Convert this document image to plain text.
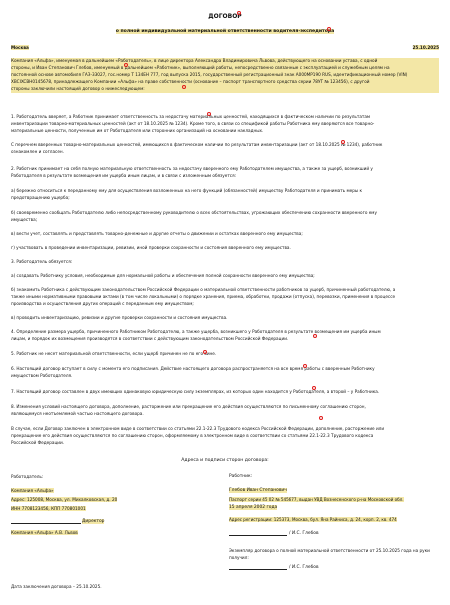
ДОГОВОР
о полной индивидуальной материальной ответственности водителя-экспедитора
Москва	25.10.2025
Компания «Альфа», именуемая в дальнейшем «Работодатель», в лице директора Александра Владимировича Львова, действующего на основании устава, с одной
стороны, и Иван Степанович Глебов, именуемый в дальнейшем «Работник», выполняющий работы, непосредственно связанные с эксплуатацией и служебным целям на
постоянной основе автомобиля ГАЗ-33027, гос.номер Т 134ЕН 777, год выпуска 2015, государственный регистрационный знак А000МР190 RUS, идентификационный номер (VIN)
XBCIXCBH0145678, принадлежащего Компании «Альфа» на праве собственности (основание – паспорт транспортного средства серии 78УТ № 123456), с другой
стороны заключили настоящий договор о нижеследующем:
1. Работодатель вверяет, а Работник принимает ответственность за недостачу материальных ценностей, находящихся в фактическом наличии по результатам
инвентаризации товарно-материальных ценностей (акт от 18.10.2025 № 1234). Кроме того, в связи со спецификой работы Работника ему вверяются все товарно-
материальные ценности, полученные им от Работодателя или сторонних организаций на основании накладных.
С перечнем вверенных товарно-материальных ценностей, имеющихся в фактическом наличии по результатам инвентаризации (акт от 18.10.2025 № 1234), работник
ознакомлен и согласен.
2. Работник принимает на себя полную материальную ответственность за недостачу вверенного ему Работодателем имущества, а также за ущерб, возникший у
Работодателя в результате возмещения им ущерба иным лицам, и в связи с изложенным обязуется:
а) бережно относиться к переданному ему для осуществления возложенных на него функций (обязанностей) имуществу Работодателя и принимать меры к
предотвращению ущерба;
б) своевременно сообщать Работодателю либо непосредственному руководителю о всех обстоятельствах, угрожающих обеспечению сохранности вверенного ему
имущества;
в) вести учет, составлять и представлять товарно-денежные и другие отчеты о движении и остатках вверенного ему имущества;
г) участвовать в проведении инвентаризации, ревизии, иной проверки сохранности и состояния вверенного ему имущества.
3. Работодатель обязуется:
а) создавать Работнику условия, необходимые для нормальной работы и обеспечения полной сохранности вверенного ему имущества;
б) знакомить Работника с действующим законодательством Российской Федерации о материальной ответственности работников за ущерб, причиненный работодателю, а
также иными нормативными правовыми актами (в том числе локальными) о порядке хранения, приема, обработки, продажи (отпуска), перевозки, применения в процессе
производства и осуществления других операций с переданным ему имуществом;
в) проводить инвентаризацию, ревизии и другие проверки сохранности и состояния имущества.
4. Определение размера ущерба, причиненного Работником Работодателю, а также ущерба, возникшего у Работодателя в результате возмещения им ущерба иным
лицам, и порядок их возмещения производятся в соответствии с действующим законодательством Российской Федерации.
5. Работник не несет материальной ответственности, если ущерб причинен не по его вине.
6. Настоящий договор вступает в силу с момента его подписания. Действие настоящего договора распространяется на все время работы с вверенным Работнику
имуществом Работодателя.
7. Настоящий договор составлен в двух имеющих одинаковую юридическую силу экземплярах, из которых один находится у Работодателя, а второй – у Работника.
8. Изменения условий настоящего договора, дополнение, расторжение или прекращение его действия осуществляются по письменному соглашению сторон,
являющемуся неотъемлемой частью настоящего договора.
В случае, если Договор заключен в электронном виде в соответствии со статьями 22.1-22.3 Трудового кодекса Российской Федерации, дополнение, расторжение или
прекращение его действия осуществляются по соглашению сторон, оформляемому в электронном виде в соответствии со статьями 22.1-22.3 Трудового кодекса
Российской Федерации.
Адреса и подписи сторон договора:
Работодатель:
Компания «Альфа»
Адрес: 125008, Москва, ул. Михалковская, д. 20
ИНН 7708123456, КПП 770801001
Директор
Компания «Альфа» А.В. Львов
Работник:
Глебов Иван Степанович
Паспорт серии 45 02 № 545677, выдан УВД Вознесенского р-на Московской обл.
15 апреля 2002 года
Адрес регистрации: 125373, Москва, бул. Яна Райниса, д. 24, корп. 2, кв. 474
/ И.С. Глебов
Экземпляр договора о полной материальной ответственности от 25.10.2025 года на руки получил:
/ И.С. Глебов
Дата заключения договора – 25.10.2025.
